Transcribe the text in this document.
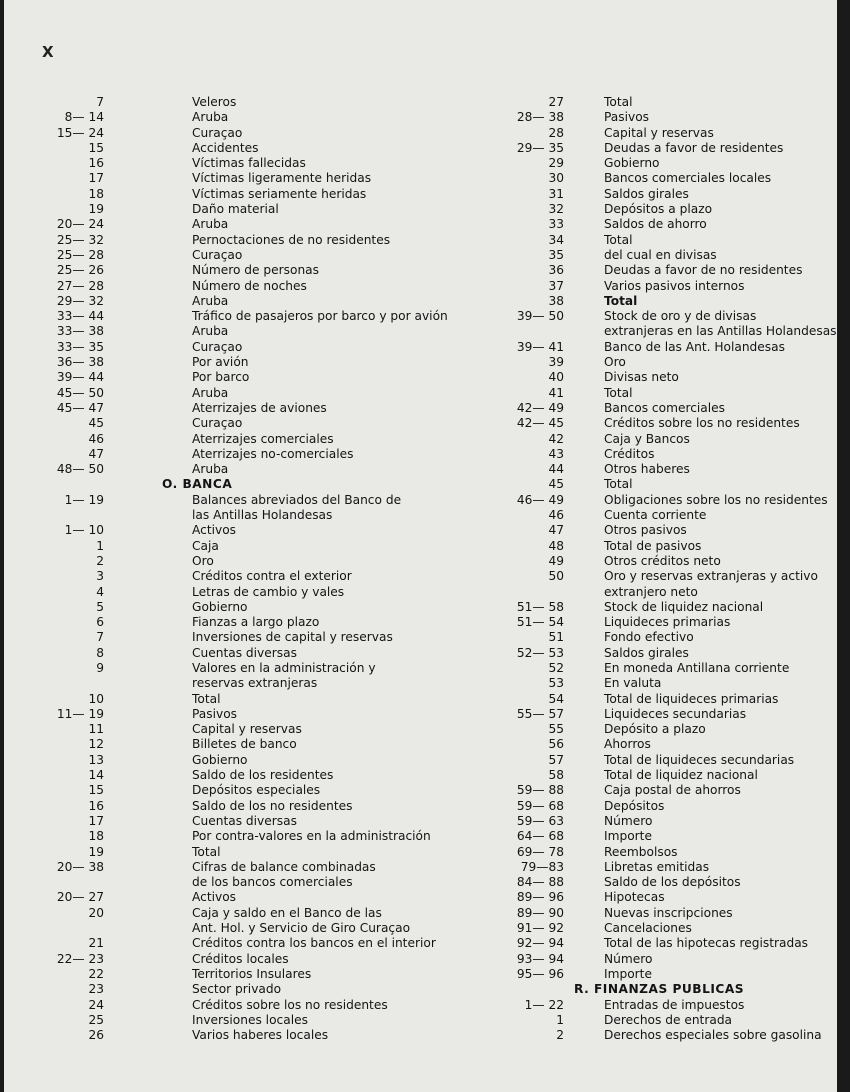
X
7	Veleros
8— 14	Aruba
15— 24	Curaçao
15	Accidentes
16	Víctimas fallecidas
17	Víctimas ligeramente heridas
18	Víctimas seriamente heridas
19	Daño material
20— 24	Aruba
25— 32	Pernoctaciones de no residentes
25— 28	Curaçao
25— 26	Número de personas
27— 28	Número de noches
29— 32	Aruba
33— 44	Tráfico de pasajeros por barco y por avión
33— 38	Aruba
33— 35	Curaçao
36— 38	Por avión
39— 44	Por barco
45— 50	Aruba
45— 47	Aterrizajes de aviones
45	Curaçao
46	Aterrizajes comerciales
47	Aterrizajes no-comerciales
48— 50	Aruba
O. BANCA
1— 19	Balances abreviados del Banco de
las Antillas Holandesas
1— 10	Activos
1	Caja
2	Oro
3	Créditos contra el exterior
4	Letras de cambio y vales
5	Gobierno
6	Fianzas a largo plazo
7	Inversiones de capital y reservas
8	Cuentas diversas
9	Valores en la administración y
reservas extranjeras
10	Total
11— 19	Pasivos
11	Capital y reservas
12	Billetes de banco
13	Gobierno
14	Saldo de los residentes
15	Depósitos especiales
16	Saldo de los no residentes
17	Cuentas diversas
18	Por contra-valores en la administración
19	Total
20— 38	Cifras de balance combinadas
de los bancos comerciales
20— 27	Activos
20	Caja y saldo en el Banco de las
Ant. Hol. y Servicio de Giro Curaçao
21	Créditos contra los bancos en el interior
22— 23	Créditos locales
22	Territorios Insulares
23	Sector privado
24	Créditos sobre los no residentes
25	Inversiones locales
26	Varios haberes locales
27	Total
28— 38	Pasivos
28	Capital y reservas
29— 35	Deudas a favor de residentes
29	Gobierno
30	Bancos comerciales locales
31	Saldos girales
32	Depósitos a plazo
33	Saldos de ahorro
34	Total
35	del cual en divisas
36	Deudas a favor de no residentes
37	Varios pasivos internos
38	Total
39— 50	Stock de oro y de divisas
extranjeras en las Antillas Holandesas
39— 41	Banco de las Ant. Holandesas
39	Oro
40	Divisas neto
41	Total
42— 49	Bancos comerciales
42— 45	Créditos sobre los no residentes
42	Caja y Bancos
43	Créditos
44	Otros haberes
45	Total
46— 49	Obligaciones sobre los no residentes
46	Cuenta corriente
47	Otros pasivos
48	Total de pasivos
49	Otros créditos neto
50	Oro y reservas extranjeras y activo
extranjero neto
51— 58	Stock de liquidez nacional
51— 54	Liquideces primarias
51	Fondo efectivo
52— 53	Saldos girales
52	En moneda Antillana corriente
53	En valuta
54	Total de liquideces primarias
55— 57	Liquideces secundarias
55	Depósito a plazo
56	Ahorros
57	Total de liquideces secundarias
58	Total de liquidez nacional
59— 88	Caja postal de ahorros
59— 68	Depósitos
59— 63	Número
64— 68	Importe
69— 78	Reembolsos
79—83	Libretas emitidas
84— 88	Saldo de los depósitos
89— 96	Hipotecas
89— 90	Nuevas inscripciones
91— 92	Cancelaciones
92— 94	Total de las hipotecas registradas
93— 94	Número
95— 96	Importe
R. FINANZAS PUBLICAS
1— 22	Entradas de impuestos
1	Derechos de entrada
2	Derechos especiales sobre gasolina
